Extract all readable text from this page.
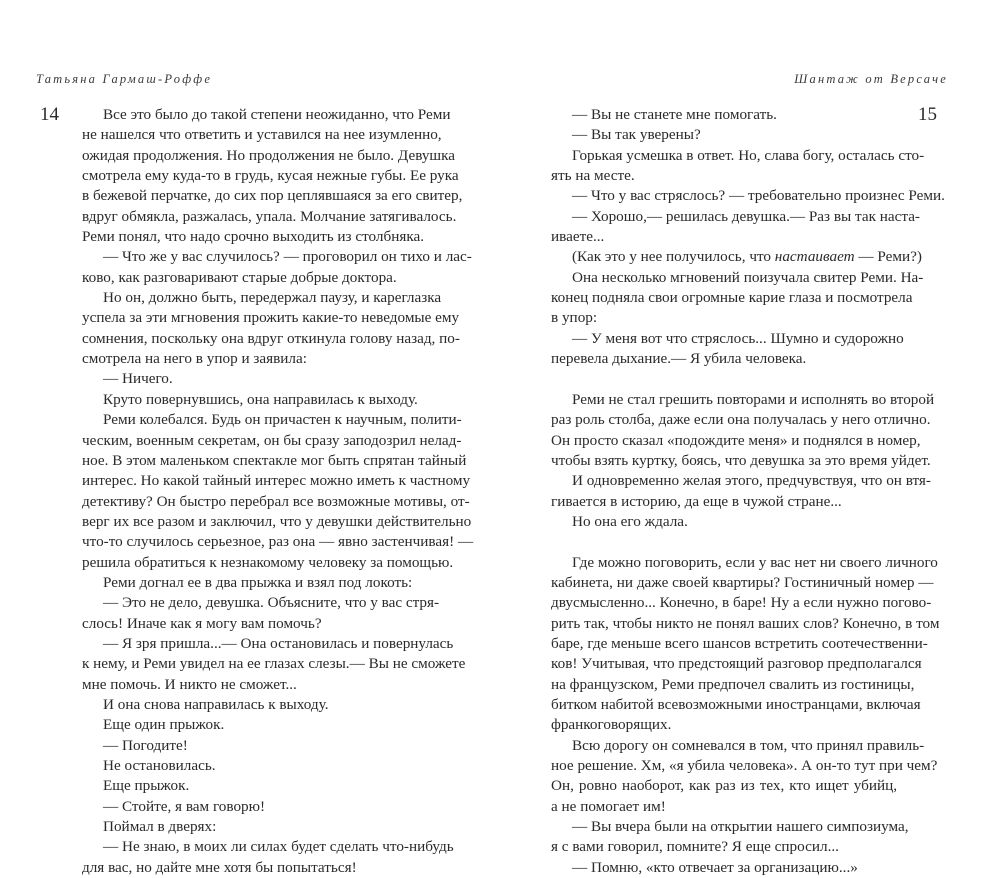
Татьяна Гармаш-Роффе	Шантаж от Версаче
14	15
Все это было до такой степени неожиданно, что Реми
не нашелся что ответить и уставился на нее изумленно,
ожидая продолжения. Но продолжения не было. Девушка
смотрела ему куда-то в грудь, кусая нежные губы. Ее рука
в бежевой перчатке, до сих пор цеплявшаяся за его свитер,
вдруг обмякла, разжалась, упала. Молчание затягивалось.
Реми понял, что надо срочно выходить из столбняка.
— Что же у вас случилось? — проговорил он тихо и лас-
ково, как разговаривают старые добрые доктора.
Но он, должно быть, передержал паузу, и кареглазка
успела за эти мгновения прожить какие-то неведомые ему
сомнения, поскольку она вдруг откинула голову назад, по-
смотрела на него в упор и заявила:
— Ничего.
Круто повернувшись, она направилась к выходу.
Реми колебался. Будь он причастен к научным, полити-
ческим, военным секретам, он бы сразу заподозрил нелад-
ное. В этом маленьком спектакле мог быть спрятан тайный
интерес. Но какой тайный интерес можно иметь к частному
детективу? Он быстро перебрал все возможные мотивы, от-
верг их все разом и заключил, что у девушки действительно
что-то случилось серьезное, раз она — явно застенчивая! —
решила обратиться к незнакомому человеку за помощью.
Реми догнал ее в два прыжка и взял под локоть:
— Это не дело, девушка. Объясните, что у вас стря-
слось! Иначе как я могу вам помочь?
— Я зря пришла...— Она остановилась и повернулась
к нему, и Реми увидел на ее глазах слезы.— Вы не сможете
мне помочь. И никто не сможет...
И она снова направилась к выходу.
Еще один прыжок.
— Погодите!
Не остановилась.
Еще прыжок.
— Стойте, я вам говорю!
Поймал в дверях:
— Не знаю, в моих ли силах будет сделать что-нибудь
для вас, но дайте мне хотя бы попытаться!
— Вы не станете мне помогать.
— Вы так уверены?
Горькая усмешка в ответ. Но, слава богу, осталась сто-
ять на месте.
— Что у вас стряслось? — требовательно произнес Реми.
— Хорошо,— решилась девушка.— Раз вы так наста-
иваете...
(Как это у нее получилось, что настаивает — Реми?)
Она несколько мгновений поизучала свитер Реми. На-
конец подняла свои огромные карие глаза и посмотрела
в упор:
— У меня вот что стряслось... Шумно и судорожно
перевела дыхание.— Я убила человека.

Реми не стал грешить повторами и исполнять во второй
раз роль столба, даже если она получалась у него отлично.
Он просто сказал «подождите меня» и поднялся в номер,
чтобы взять куртку, боясь, что девушка за это время уйдет.
И одновременно желая этого, предчувствуя, что он втя-
гивается в историю, да еще в чужой стране...
Но она его ждала.

Где можно поговорить, если у вас нет ни своего личного
кабинета, ни даже своей квартиры? Гостиничный номер —
двусмысленно... Конечно, в баре! Ну а если нужно погово-
рить так, чтобы никто не понял ваших слов? Конечно, в том
баре, где меньше всего шансов встретить соотечественни-
ков! Учитывая, что предстоящий разговор предполагался
на французском, Реми предпочел свалить из гостиницы,
битком набитой всевозможными иностранцами, включая
франкоговорящих.
Всю дорогу он сомневался в том, что принял правиль-
ное решение. Хм, «я убила человека». А он-то тут при чем?
Он, ровно наоборот, как раз из тех, кто ищет убийц,
а не помогает им!
— Вы вчера были на открытии нашего симпозиума,
я с вами говорил, помните? Я еще спросил...
— Помню, «кто отвечает за организацию...»
